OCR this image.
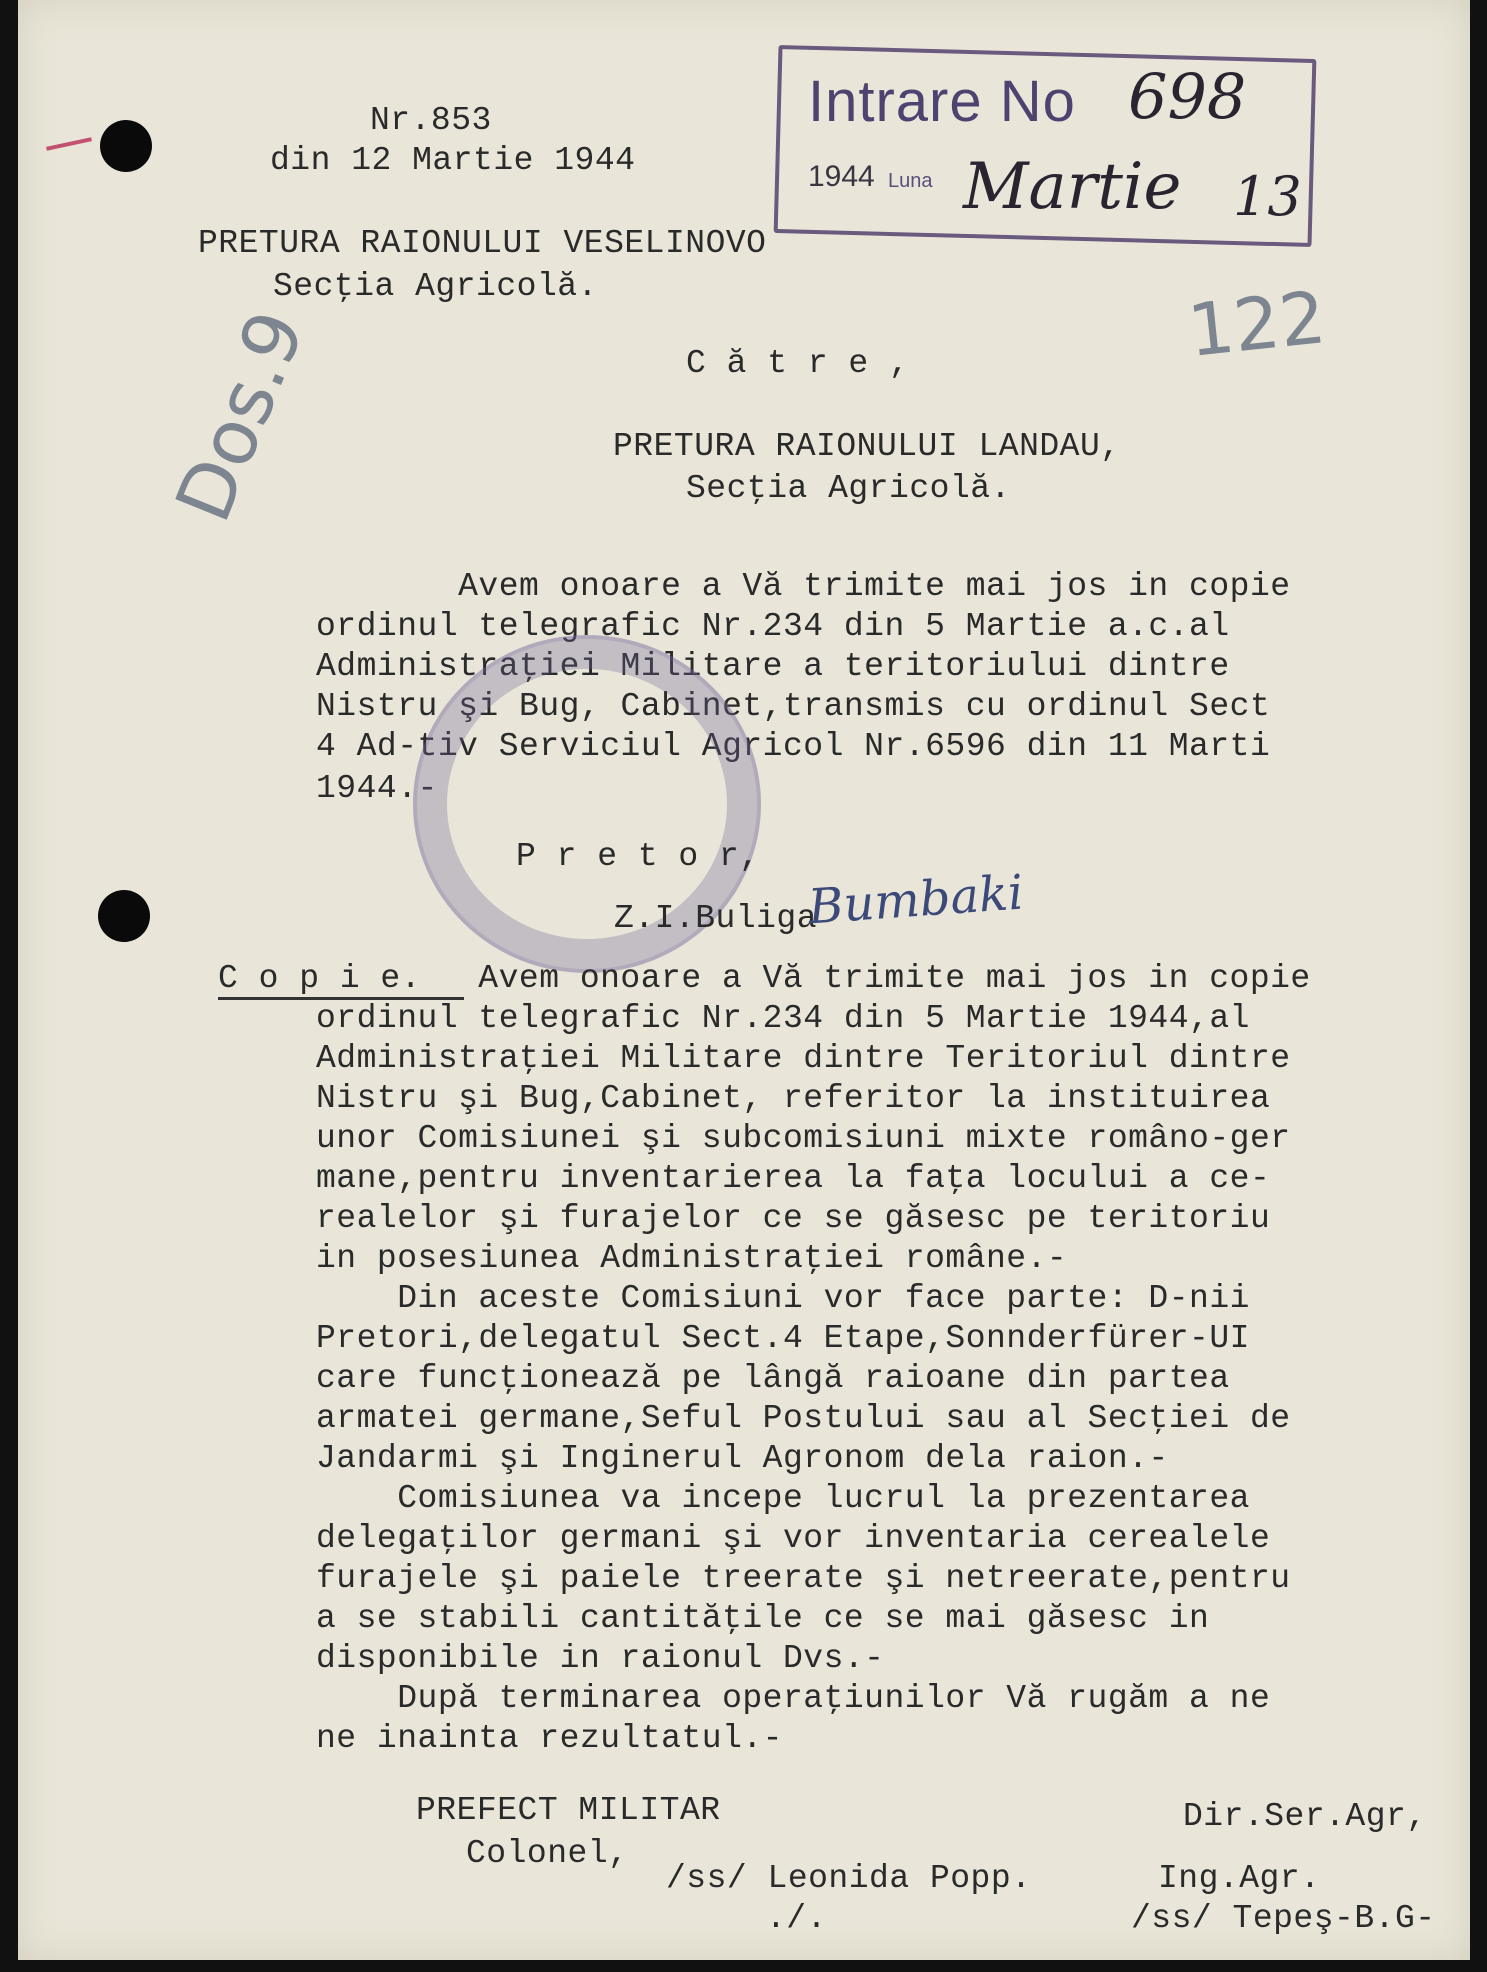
Nr.853
din 12 Martie 1944
PRETURA RAIONULUI VESELINOVO
Secţia Agricolă.
Intrare No 698
1944 Luna Martie 13
122
Dos.9	C ă t r e ,
PRETURA RAIONULUI LANDAU,
Secţia Agricolă.
Avem onoare a Vă trimite mai jos in copie
ordinul telegrafic Nr.234 din 5 Martie a.c.al
Administraţiei Militare a teritoriului dintre
Nistru şi Bug, Cabinet,transmis cu ordinul Sect
4 Ad-tiv Serviciul Agricol Nr.6596 din 11 Marti
1944.-
P r e t o r,
Z.I.Buliga
Bumbaki
C o p i e. Avem onoare a Vă trimite mai jos in copie
ordinul telegrafic Nr.234 din 5 Martie 1944,al
Administraţiei Militare dintre Teritoriul dintre
Nistru şi Bug,Cabinet, referitor la instituirea
unor Comisiunei şi subcomisiuni mixte româno-ger
mane,pentru inventarierea la faţa locului a ce-
realelor şi furajelor ce se găsesc pe teritoriu
in posesiunea Administraţiei române.-
Din aceste Comisiuni vor face parte: D-nii
Pretori,delegatul Sect.4 Etape,Sonnderfürer-UI
care funcţionează pe lângă raioane din partea
armatei germane,Seful Postului sau al Secţiei de
Jandarmi şi Inginerul Agronom dela raion.-
Comisiunea va incepe lucrul la prezentarea
delegaţilor germani şi vor inventaria cerealele
furajele şi paiele treerate şi netreerate,pentru
a se stabili cantităţile ce se mai găsesc in
disponibile in raionul Dvs.-
După terminarea operaţiunilor Vă rugăm a ne
ne inainta rezultatul.-
PREFECT MILITAR
Colonel,
/ss/ Leonida Popp.
./.
Dir.Ser.Agr,
Ing.Agr.
/ss/ Tepeş-B.G-
